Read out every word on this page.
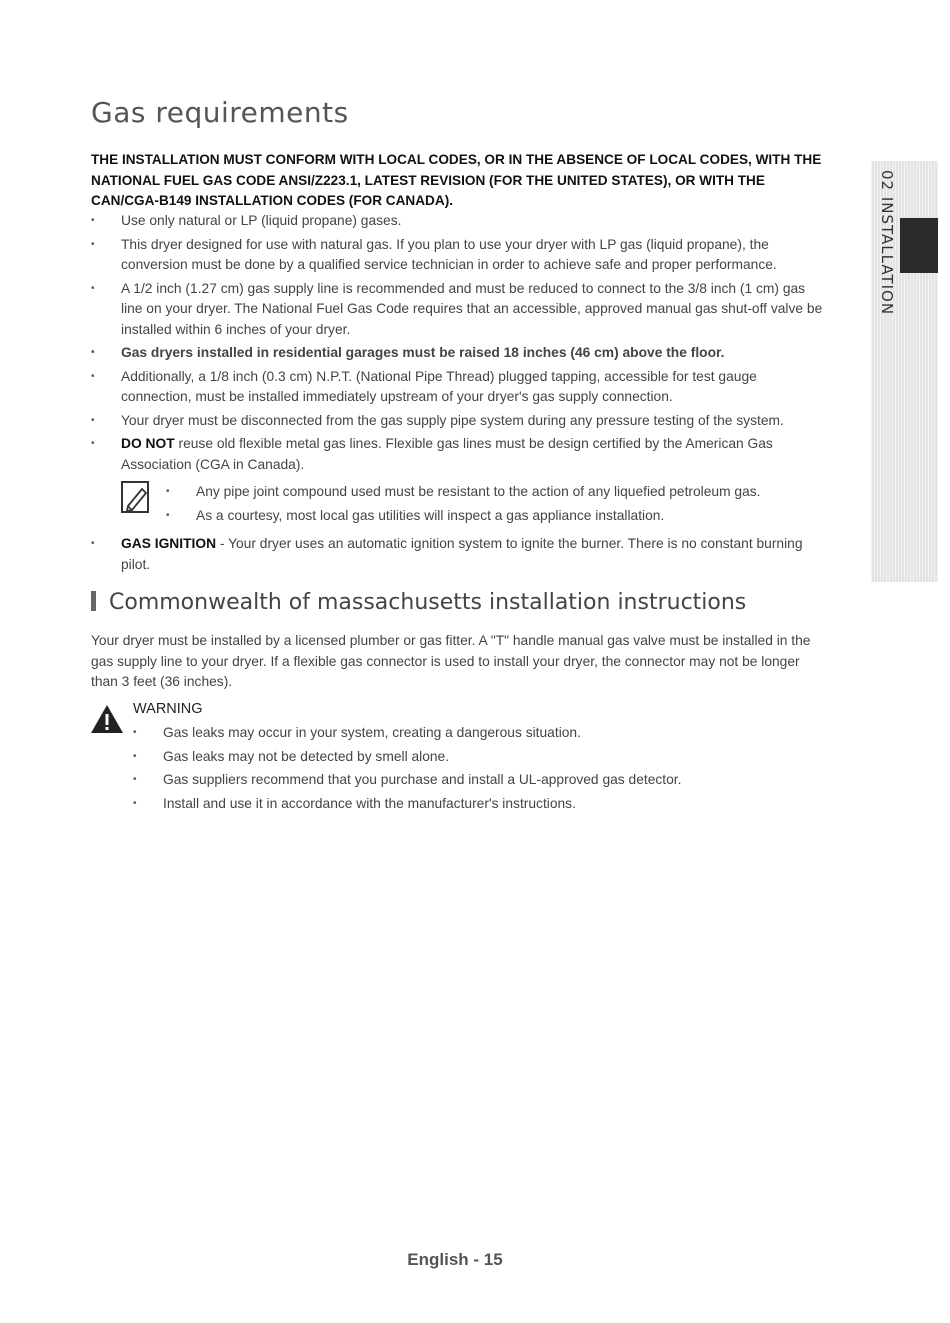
Gas requirements
THE INSTALLATION MUST CONFORM WITH LOCAL CODES, OR IN THE ABSENCE OF LOCAL CODES, WITH THE NATIONAL FUEL GAS CODE ANSI/Z223.1, LATEST REVISION (FOR THE UNITED STATES), OR WITH THE CAN/CGA-B149 INSTALLATION CODES (FOR CANADA).
• Use only natural or LP (liquid propane) gases.
• This dryer designed for use with natural gas. If you plan to use your dryer with LP gas (liquid propane), the conversion must be done by a qualified service technician in order to achieve safe and proper performance.
• A 1/2 inch (1.27 cm) gas supply line is recommended and must be reduced to connect to the 3/8 inch (1 cm) gas line on your dryer. The National Fuel Gas Code requires that an accessible, approved manual gas shut-off valve be installed within 6 inches of your dryer.
• Gas dryers installed in residential garages must be raised 18 inches (46 cm) above the floor.
• Additionally, a 1/8 inch (0.3 cm) N.P.T. (National Pipe Thread) plugged tapping, accessible for test gauge connection, must be installed immediately upstream of your dryer's gas supply connection.
• Your dryer must be disconnected from the gas supply pipe system during any pressure testing of the system.
• DO NOT reuse old flexible metal gas lines. Flexible gas lines must be design certified by the American Gas Association (CGA in Canada).
• Any pipe joint compound used must be resistant to the action of any liquefied petroleum gas.
• As a courtesy, most local gas utilities will inspect a gas appliance installation.
• GAS IGNITION - Your dryer uses an automatic ignition system to ignite the burner. There is no constant burning pilot.
Commonwealth of massachusetts installation instructions

Your dryer must be installed by a licensed plumber or gas fitter. A "T" handle manual gas valve must be installed in the gas supply line to your dryer. If a flexible gas connector is used to install your dryer, the connector may not be longer than 3 feet (36 inches).

WARNING
• Gas leaks may occur in your system, creating a dangerous situation.
• Gas leaks may not be detected by smell alone.
• Gas suppliers recommend that you purchase and install a UL-approved gas detector.
• Install and use it in accordance with the manufacturer's instructions.
02 INSTALLATION
English - 15
